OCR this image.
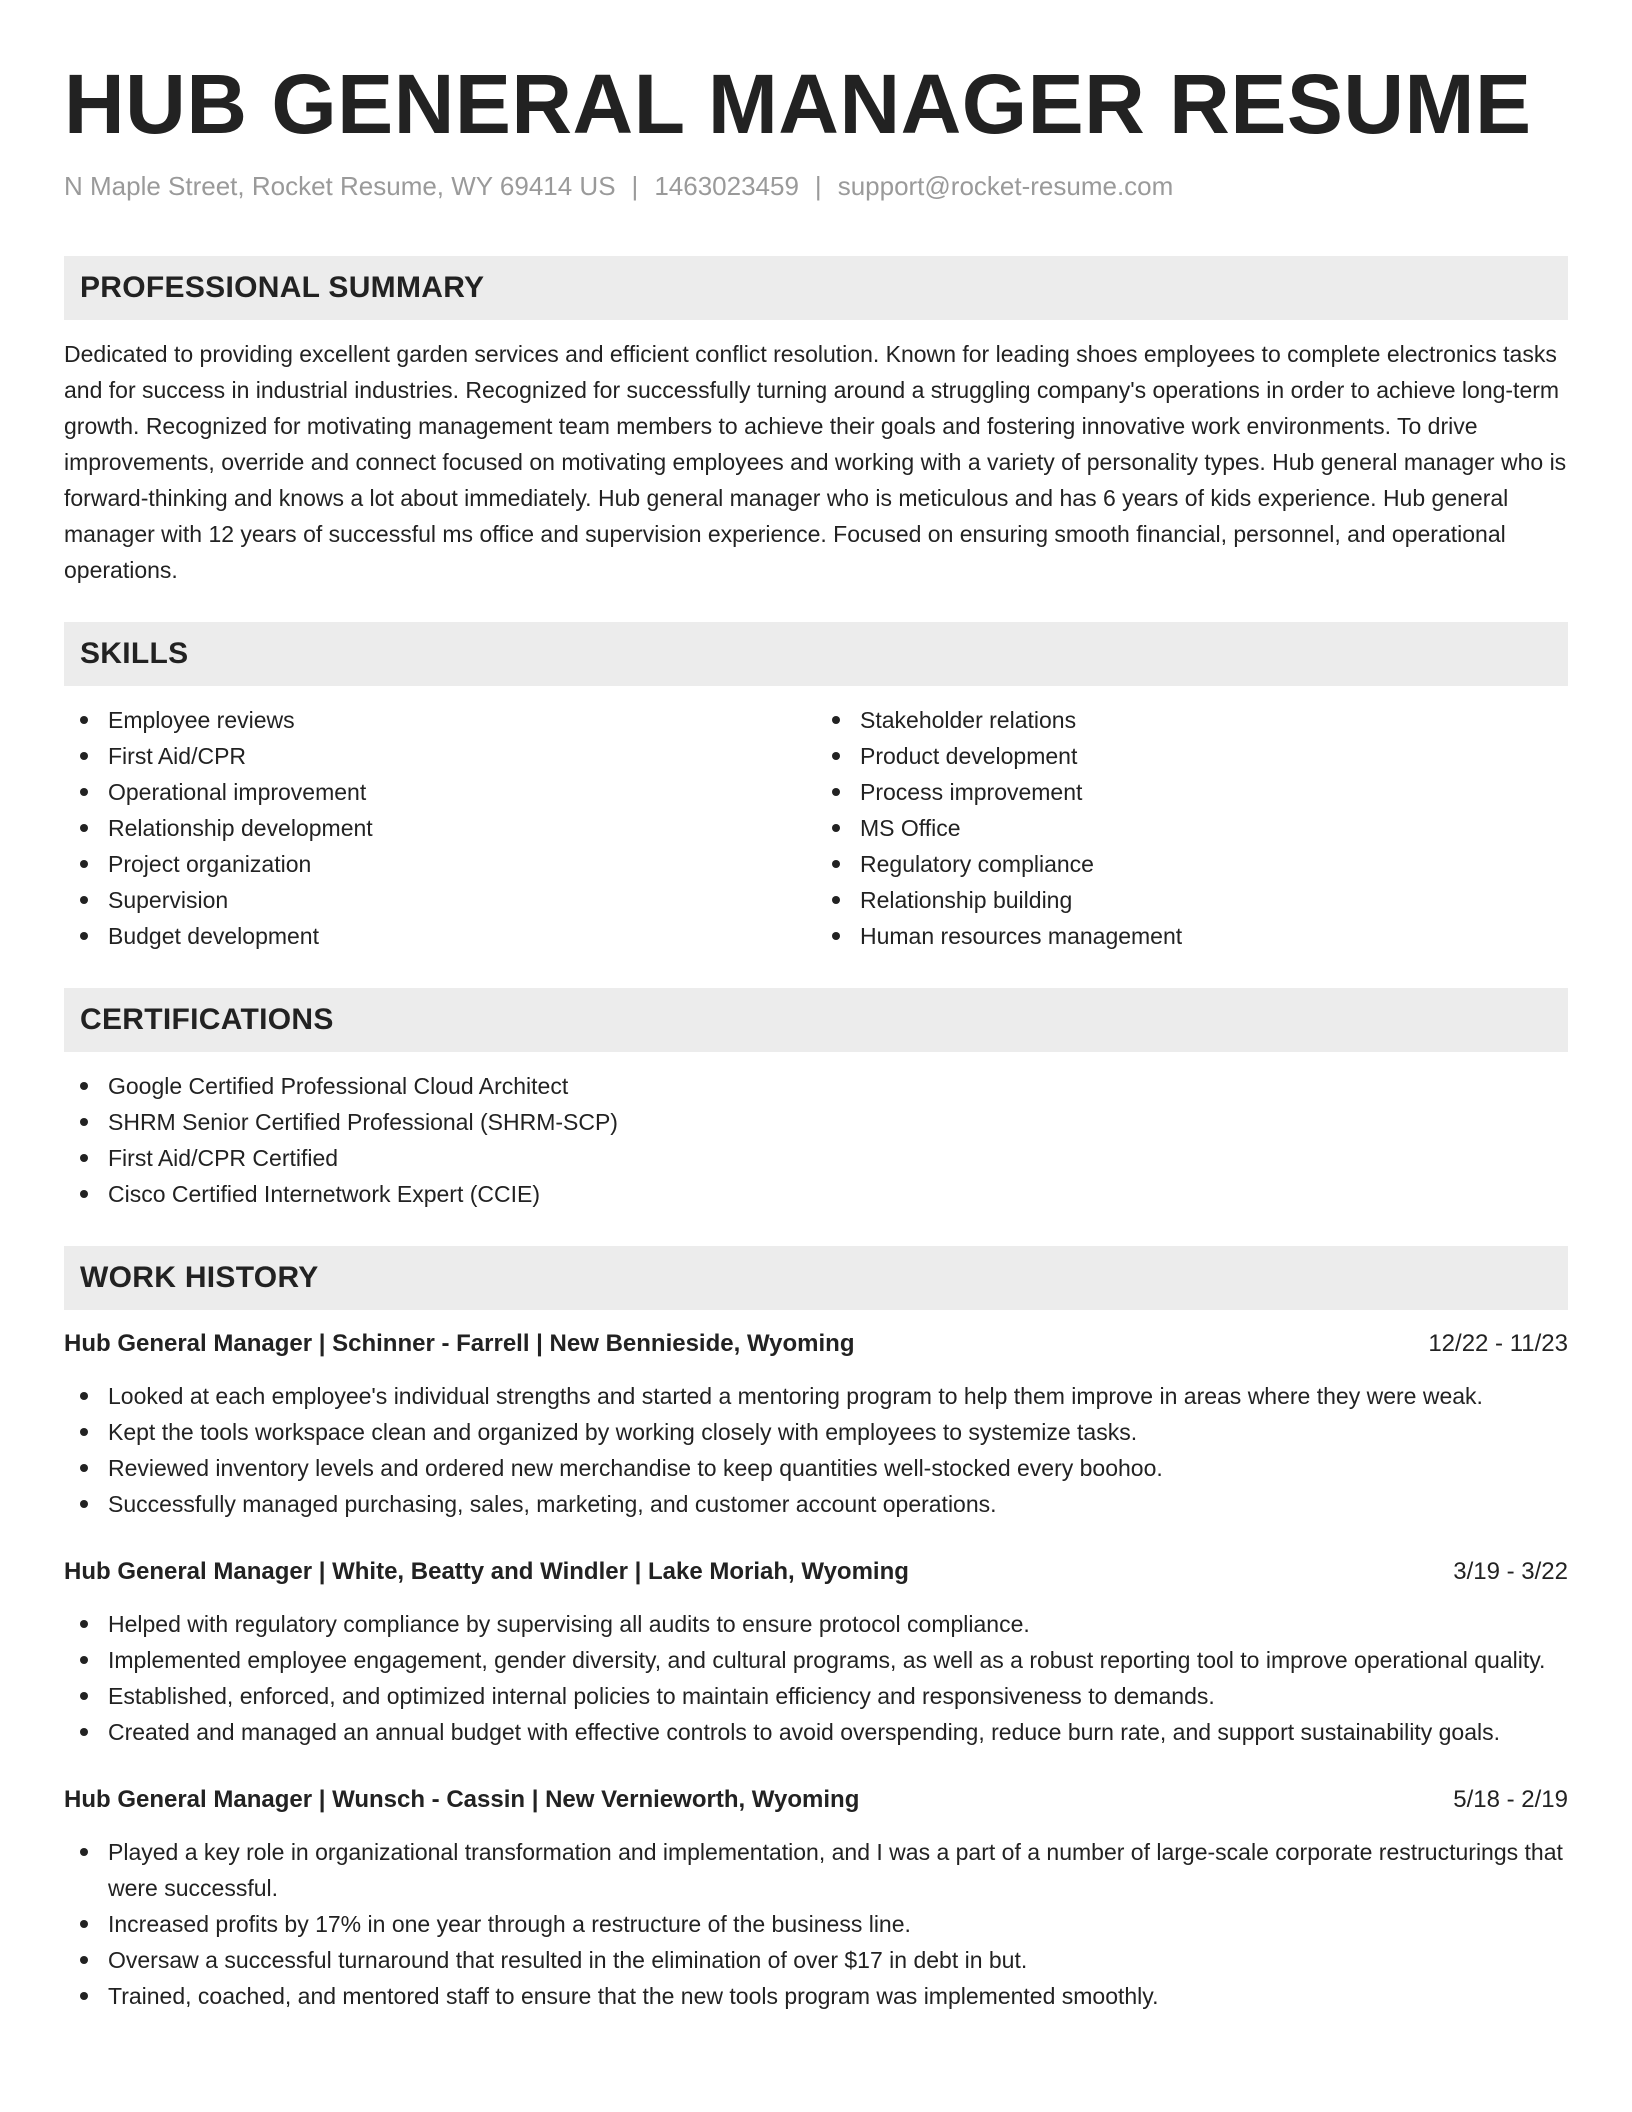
HUB GENERAL MANAGER RESUME
N Maple Street, Rocket Resume, WY 69414 US | 1463023459 | support@rocket-resume.com
PROFESSIONAL SUMMARY

Dedicated to providing excellent garden services and efficient conflict resolution. Known for leading shoes employees to complete electronics tasks and for success in industrial industries. Recognized for successfully turning around a struggling company's operations in order to achieve long-term growth. Recognized for motivating management team members to achieve their goals and fostering innovative work environments. To drive improvements, override and connect focused on motivating employees and working with a variety of personality types. Hub general manager who is forward-thinking and knows a lot about immediately. Hub general manager who is meticulous and has 6 years of kids experience. Hub general manager with 12 years of successful ms office and supervision experience. Focused on ensuring smooth financial, personnel, and operational operations.

SKILLS
Employee reviews
First Aid/CPR
Operational improvement
Relationship development
Project organization
Supervision
Budget development
Stakeholder relations
Product development
Process improvement
MS Office
Regulatory compliance
Relationship building
Human resources management
CERTIFICATIONS
Google Certified Professional Cloud Architect
SHRM Senior Certified Professional (SHRM-SCP)
First Aid/CPR Certified
Cisco Certified Internetwork Expert (CCIE)
WORK HISTORY
Hub General Manager | Schinner - Farrell | New Bennieside, Wyoming	12/22 - 11/23
Looked at each employee's individual strengths and started a mentoring program to help them improve in areas where they were weak.
Kept the tools workspace clean and organized by working closely with employees to systemize tasks.
Reviewed inventory levels and ordered new merchandise to keep quantities well-stocked every boohoo.
Successfully managed purchasing, sales, marketing, and customer account operations.
Hub General Manager | White, Beatty and Windler | Lake Moriah, Wyoming	3/19 - 3/22
Helped with regulatory compliance by supervising all audits to ensure protocol compliance.
Implemented employee engagement, gender diversity, and cultural programs, as well as a robust reporting tool to improve operational quality.
Established, enforced, and optimized internal policies to maintain efficiency and responsiveness to demands.
Created and managed an annual budget with effective controls to avoid overspending, reduce burn rate, and support sustainability goals.
Hub General Manager | Wunsch - Cassin | New Vernieworth, Wyoming	5/18 - 2/19
Played a key role in organizational transformation and implementation, and I was a part of a number of large-scale corporate restructurings that were successful.
Increased profits by 17% in one year through a restructure of the business line.
Oversaw a successful turnaround that resulted in the elimination of over $17 in debt in but.
Trained, coached, and mentored staff to ensure that the new tools program was implemented smoothly.
